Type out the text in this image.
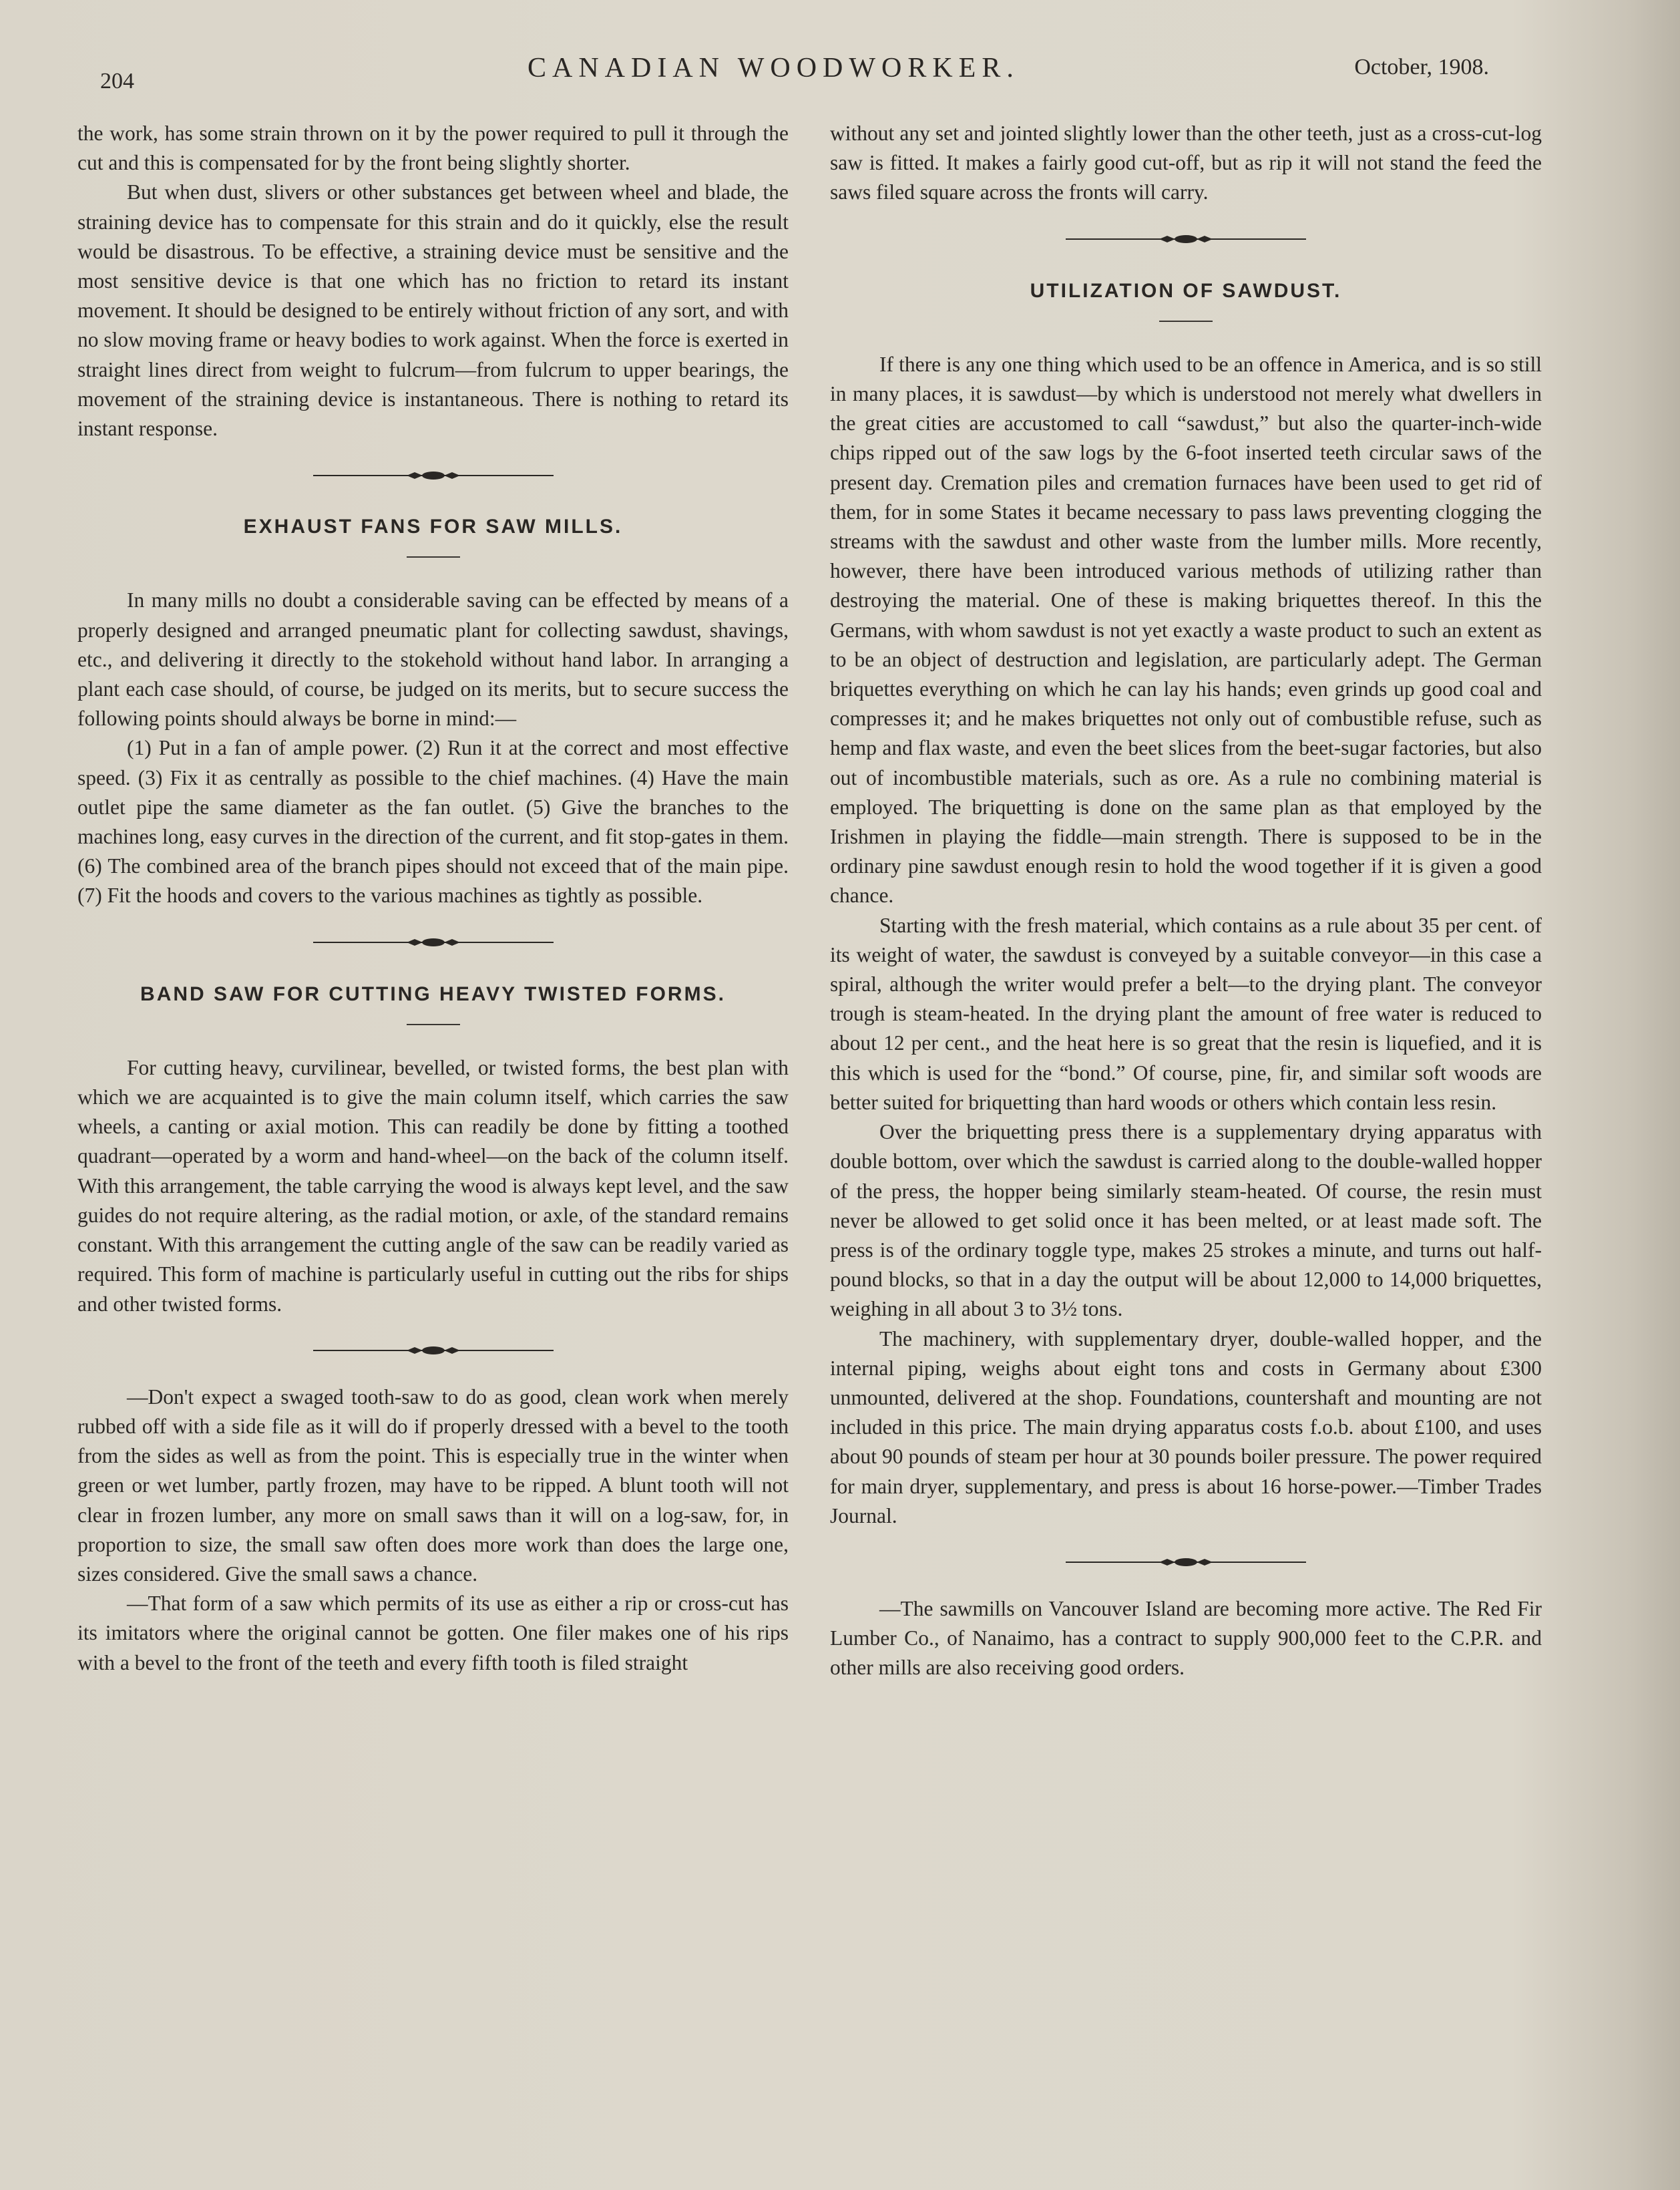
204	CANADIAN WOODWORKER.	October, 1908.

the work, has some strain thrown on it by the power required to pull it through the cut and this is compensated for by the front being slightly shorter.

But when dust, slivers or other substances get between wheel and blade, the straining device has to compensate for this strain and do it quickly, else the result would be disastrous. To be effective, a straining device must be sensitive and the most sensitive device is that one which has no friction to retard its instant movement. It should be designed to be entirely without friction of any sort, and with no slow moving frame or heavy bodies to work against. When the force is exerted in straight lines direct from weight to fulcrum—from fulcrum to upper bearings, the movement of the straining device is instantaneous. There is nothing to retard its instant response.

EXHAUST FANS FOR SAW MILLS.

In many mills no doubt a considerable saving can be effected by means of a properly designed and arranged pneumatic plant for collecting sawdust, shavings, etc., and delivering it directly to the stokehold without hand labor. In arranging a plant each case should, of course, be judged on its merits, but to secure success the following points should always be borne in mind:—

(1) Put in a fan of ample power. (2) Run it at the correct and most effective speed. (3) Fix it as centrally as possible to the chief machines. (4) Have the main outlet pipe the same diameter as the fan outlet. (5) Give the branches to the machines long, easy curves in the direction of the current, and fit stop-gates in them. (6) The combined area of the branch pipes should not exceed that of the main pipe. (7) Fit the hoods and covers to the various machines as tightly as possible.

BAND SAW FOR CUTTING HEAVY TWISTED FORMS.

For cutting heavy, curvilinear, bevelled, or twisted forms, the best plan with which we are acquainted is to give the main column itself, which carries the saw wheels, a canting or axial motion. This can readily be done by fitting a toothed quadrant—operated by a worm and hand-wheel—on the back of the column itself. With this arrangement, the table carrying the wood is always kept level, and the saw guides do not require altering, as the radial motion, or axle, of the standard remains constant. With this arrangement the cutting angle of the saw can be readily varied as required. This form of machine is particularly useful in cutting out the ribs for ships and other twisted forms.

—Don't expect a swaged tooth-saw to do as good, clean work when merely rubbed off with a side file as it will do if properly dressed with a bevel to the tooth from the sides as well as from the point. This is especially true in the winter when green or wet lumber, partly frozen, may have to be ripped. A blunt tooth will not clear in frozen lumber, any more on small saws than it will on a log-saw, for, in proportion to size, the small saw often does more work than does the large one, sizes considered. Give the small saws a chance.

—That form of a saw which permits of its use as either a rip or cross-cut has its imitators where the original cannot be gotten. One filer makes one of his rips with a bevel to the front of the teeth and every fifth tooth is filed straight

without any set and jointed slightly lower than the other teeth, just as a cross-cut-log saw is fitted. It makes a fairly good cut-off, but as rip it will not stand the feed the saws filed square across the fronts will carry.

UTILIZATION OF SAWDUST.

If there is any one thing which used to be an offence in America, and is so still in many places, it is sawdust—by which is understood not merely what dwellers in the great cities are accustomed to call “sawdust,” but also the quarter-inch-wide chips ripped out of the saw logs by the 6-foot inserted teeth circular saws of the present day. Cremation piles and cremation furnaces have been used to get rid of them, for in some States it became necessary to pass laws preventing clogging the streams with the sawdust and other waste from the lumber mills. More recently, however, there have been introduced various methods of utilizing rather than destroying the material. One of these is making briquettes thereof. In this the Germans, with whom sawdust is not yet exactly a waste product to such an extent as to be an object of destruction and legislation, are particularly adept. The German briquettes everything on which he can lay his hands; even grinds up good coal and compresses it; and he makes briquettes not only out of combustible refuse, such as hemp and flax waste, and even the beet slices from the beet-sugar factories, but also out of incombustible materials, such as ore. As a rule no combining material is employed. The briquetting is done on the same plan as that employed by the Irishmen in playing the fiddle—main strength. There is supposed to be in the ordinary pine sawdust enough resin to hold the wood together if it is given a good chance.

Starting with the fresh material, which contains as a rule about 35 per cent. of its weight of water, the sawdust is conveyed by a suitable conveyor—in this case a spiral, although the writer would prefer a belt—to the drying plant. The conveyor trough is steam-heated. In the drying plant the amount of free water is reduced to about 12 per cent., and the heat here is so great that the resin is liquefied, and it is this which is used for the “bond.” Of course, pine, fir, and similar soft woods are better suited for briquetting than hard woods or others which contain less resin.

Over the briquetting press there is a supplementary drying apparatus with double bottom, over which the sawdust is carried along to the double-walled hopper of the press, the hopper being similarly steam-heated. Of course, the resin must never be allowed to get solid once it has been melted, or at least made soft. The press is of the ordinary toggle type, makes 25 strokes a minute, and turns out half-pound blocks, so that in a day the output will be about 12,000 to 14,000 briquettes, weighing in all about 3 to 3½ tons.

The machinery, with supplementary dryer, double-walled hopper, and the internal piping, weighs about eight tons and costs in Germany about £300 unmounted, delivered at the shop. Foundations, countershaft and mounting are not included in this price. The main drying apparatus costs f.o.b. about £100, and uses about 90 pounds of steam per hour at 30 pounds boiler pressure. The power required for main dryer, supplementary, and press is about 16 horse-power.—Timber Trades Journal.

—The sawmills on Vancouver Island are becoming more active. The Red Fir Lumber Co., of Nanaimo, has a contract to supply 900,000 feet to the C.P.R. and other mills are also receiving good orders.
